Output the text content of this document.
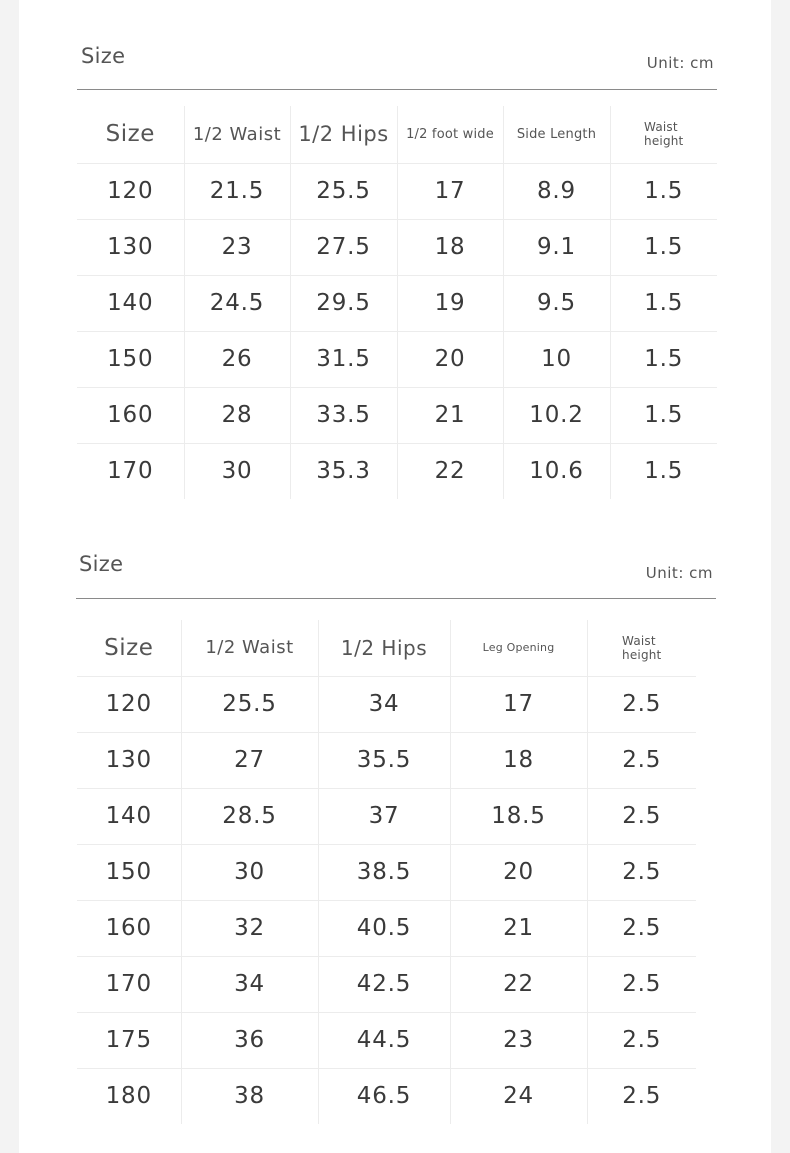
Size	Unit: cm
Size	1/2 Waist	1/2 Hips	1/2 foot wide	Side Length	Waist
height
120	21.5	25.5	17	8.9	1.5
130	23	27.5	18	9.1	1.5
140	24.5	29.5	19	9.5	1.5
150	26	31.5	20	10	1.5
160	28	33.5	21	10.2	1.5
170	30	35.3	22	10.6	1.5
Size	Unit: cm
Size	1/2 Waist	1/2 Hips	Leg Opening	Waist
height
120	25.5	34	17	2.5
130	27	35.5	18	2.5
140	28.5	37	18.5	2.5
150	30	38.5	20	2.5
160	32	40.5	21	2.5
170	34	42.5	22	2.5
175	36	44.5	23	2.5
180	38	46.5	24	2.5
